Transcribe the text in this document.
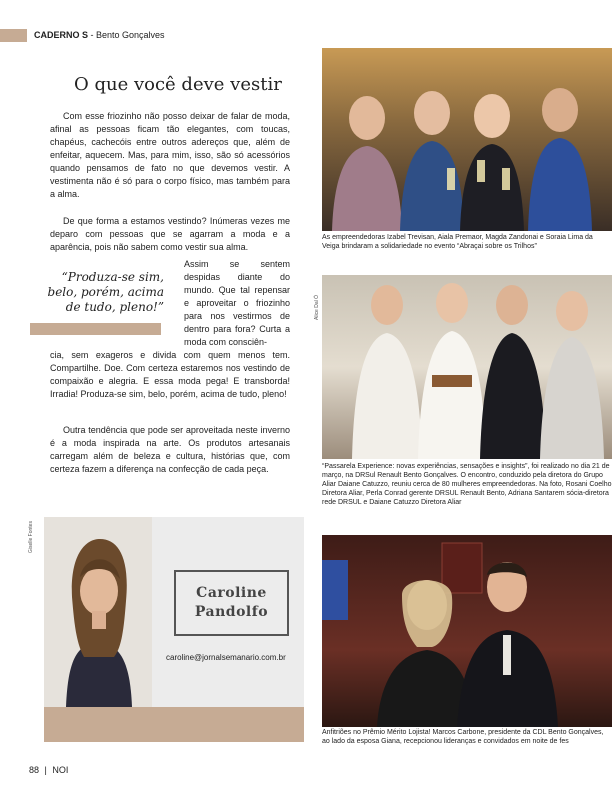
CADERNO S - Bento Gonçalves
O que você deve vestir

Com esse friozinho não posso deixar de falar de moda, afinal as pessoas ficam tão elegantes, com toucas, chapéus, cachecóis entre outros adereços que, além de enfeitar, aquecem. Mas, para mim, isso, são só acessórios quando pensamos de fato no que devemos vestir. A vestimenta não é só para o corpo físico, mas também para a alma.

De que forma a estamos vestindo? Inúmeras vezes me deparo com pessoas que se agarram a moda e a aparência, pois não sabem como vestir sua alma.

Assim se sentem despidas diante do mundo. Que tal repensar e aproveitar o friozinho para nos vestirmos de dentro para fora? Curta a moda com consciên-
cia, sem exageros e divida com quem menos tem. Compartilhe. Doe. Com certeza estaremos nos vestindo de compaixão e alegria. E essa moda pega! E transborda! Irradia! Produza-se sim, belo, porém, acima de tudo, pleno!

Outra tendência que pode ser aproveitada neste inverno é a moda inspirada na arte. Os produtos artesanais carregam além de beleza e cultura, histórias que, com certeza fazem a diferença na confecção de cada peça.

“Produza-se sim, belo, porém, acima de tudo, pleno!”
Caroline
Pandolfo
caroline@jornalsemanario.com.br
Giselle Fontes
As empreendedoras Izabel Trevisan, Aiala Premaor, Magda Zandonai e Soraia Lima da Veiga brindaram a solidariedade no evento “Abraçai sobre os Trilhos”
Alice Dal Ó
“Passarela Experience: novas experiências, sensações e insights”, foi realizado no dia 21 de março, na DRSul Renault Bento Gonçalves. O encontro, conduzido pela diretora do Grupo Aliar Daiane Catuzzo, reuniu cerca de 80 mulheres empreendedoras. Na foto, Rosani Coelho Diretora Aliar, Perla Conrad gerente DRSUL Renault Bento, Adriana Santarem sócia-diretora rede DRSUL e Daiane Catuzzo Diretora Aliar
Anfitriões no Prêmio Mérito Lojista! Marcos Carbone, presidente da CDL Bento Gonçalves, ao lado da esposa Giana, recepcionou lideranças e convidados em noite de fes
88 | NOI
